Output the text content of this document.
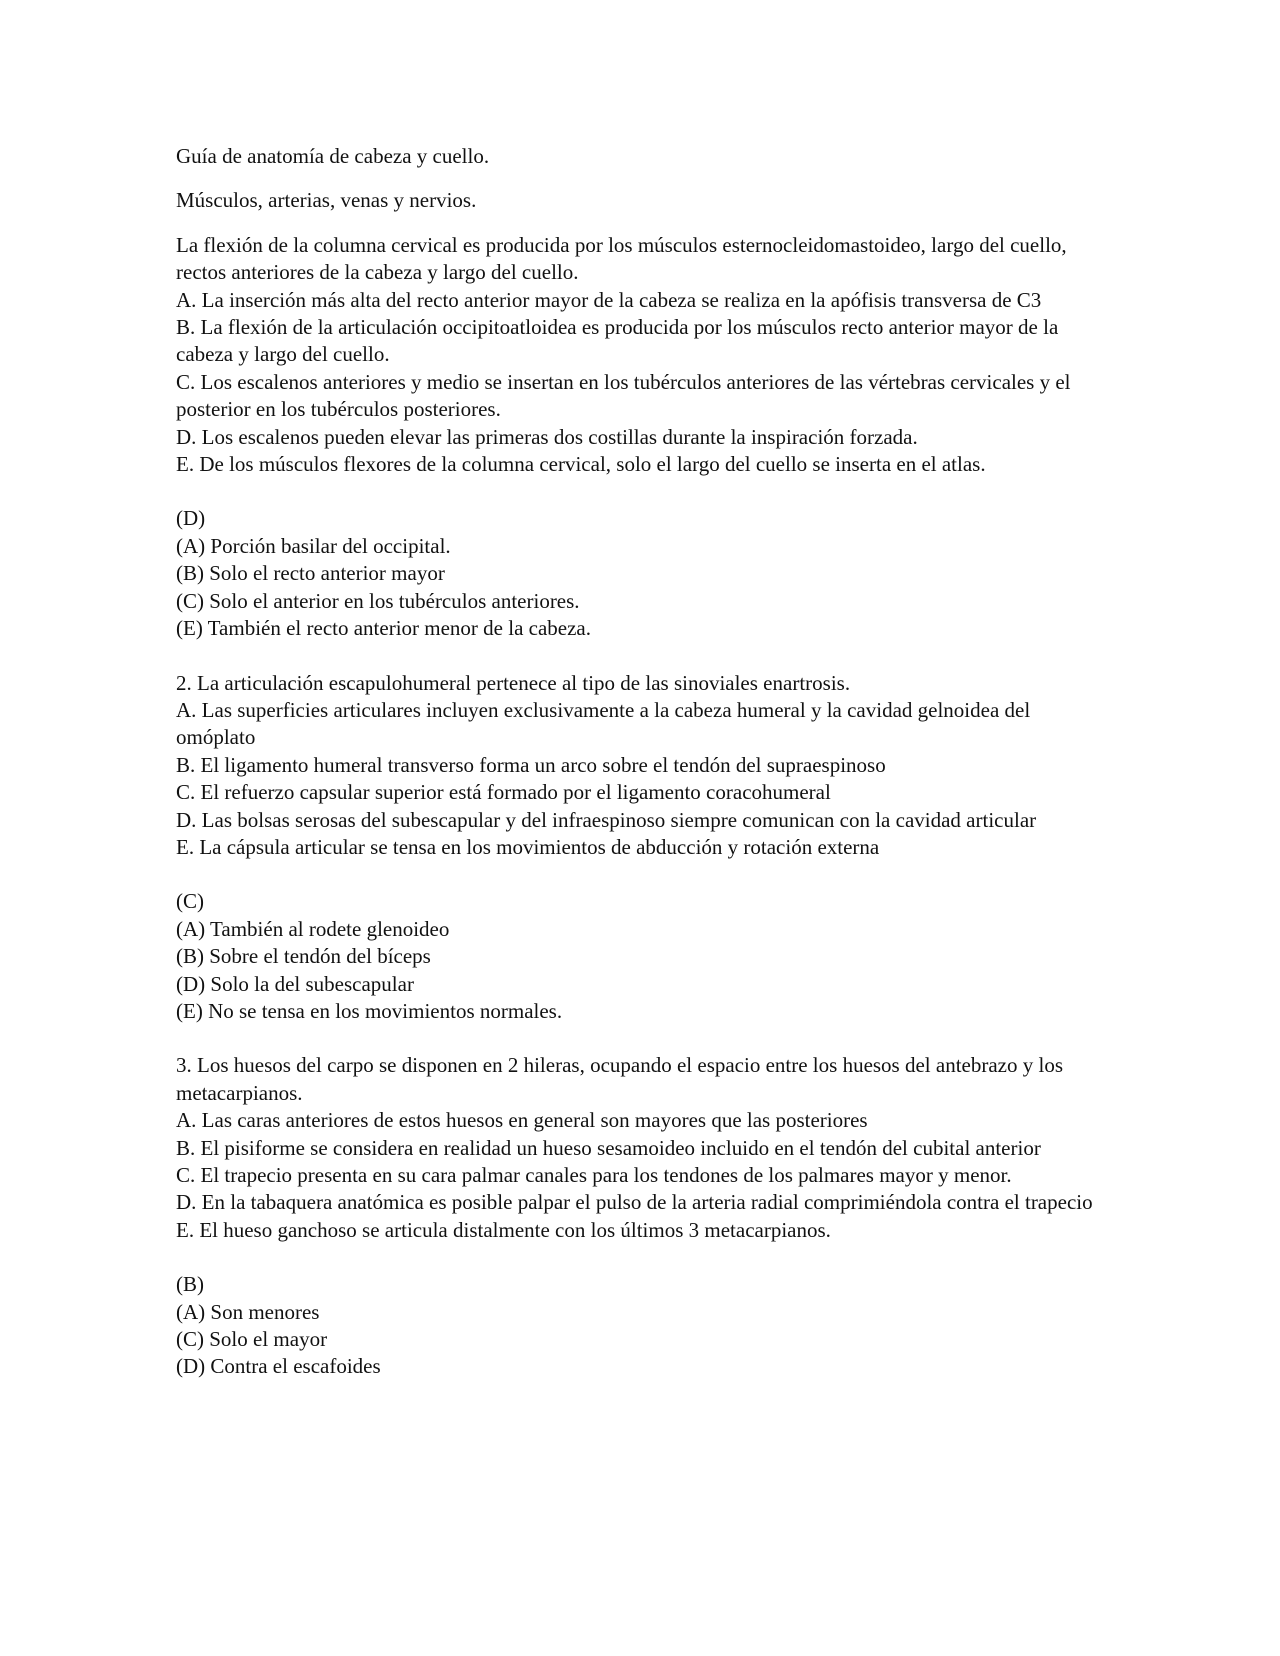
Guía de anatomía de cabeza y cuello.

Músculos, arterias, venas y nervios.

La flexión de la columna cervical es producida por los músculos esternocleidomastoideo, largo del cuello, rectos anteriores de la cabeza y largo del cuello.

A. La inserción más alta del recto anterior mayor de la cabeza se realiza en la apófisis transversa de C3

B. La flexión de la articulación occipitoatloidea es producida por los músculos recto anterior mayor de la cabeza y largo del cuello.

C. Los escalenos anteriores y medio se insertan en los tubérculos anteriores de las vértebras cervicales y el posterior en los tubérculos posteriores.

D. Los escalenos pueden elevar las primeras dos costillas durante la inspiración forzada.

E. De los músculos flexores de la columna cervical, solo el largo del cuello se inserta en el atlas.

(D)

(A) Porción basilar del occipital.

(B) Solo el recto anterior mayor

(C) Solo el anterior en los tubérculos anteriores.

(E) También el recto anterior menor de la cabeza.

2. La articulación escapulohumeral pertenece al tipo de las sinoviales enartrosis.

A. Las superficies articulares incluyen exclusivamente a la cabeza humeral y la cavidad gelnoidea del omóplato

B. El ligamento humeral transverso forma un arco sobre el tendón del supraespinoso

C. El refuerzo capsular superior está formado por el ligamento coracohumeral

D. Las bolsas serosas del subescapular y del infraespinoso siempre comunican con la cavidad articular

E. La cápsula articular se tensa en los movimientos de abducción y rotación externa

(C)

(A) También al rodete glenoideo

(B) Sobre el tendón del bíceps

(D) Solo la del subescapular

(E) No se tensa en los movimientos normales.

3. Los huesos del carpo se disponen en 2 hileras, ocupando el espacio entre los huesos del antebrazo y los metacarpianos.

A. Las caras anteriores de estos huesos en general son mayores que las posteriores

B. El pisiforme se considera en realidad un hueso sesamoideo incluido en el tendón del cubital anterior

C. El trapecio presenta en su cara palmar canales para los tendones de los palmares mayor y menor.

D. En la tabaquera anatómica es posible palpar el pulso de la arteria radial comprimiéndola contra el trapecio

E. El hueso ganchoso se articula distalmente con los últimos 3 metacarpianos.

(B)

(A) Son menores

(C) Solo el mayor

(D) Contra el escafoides
